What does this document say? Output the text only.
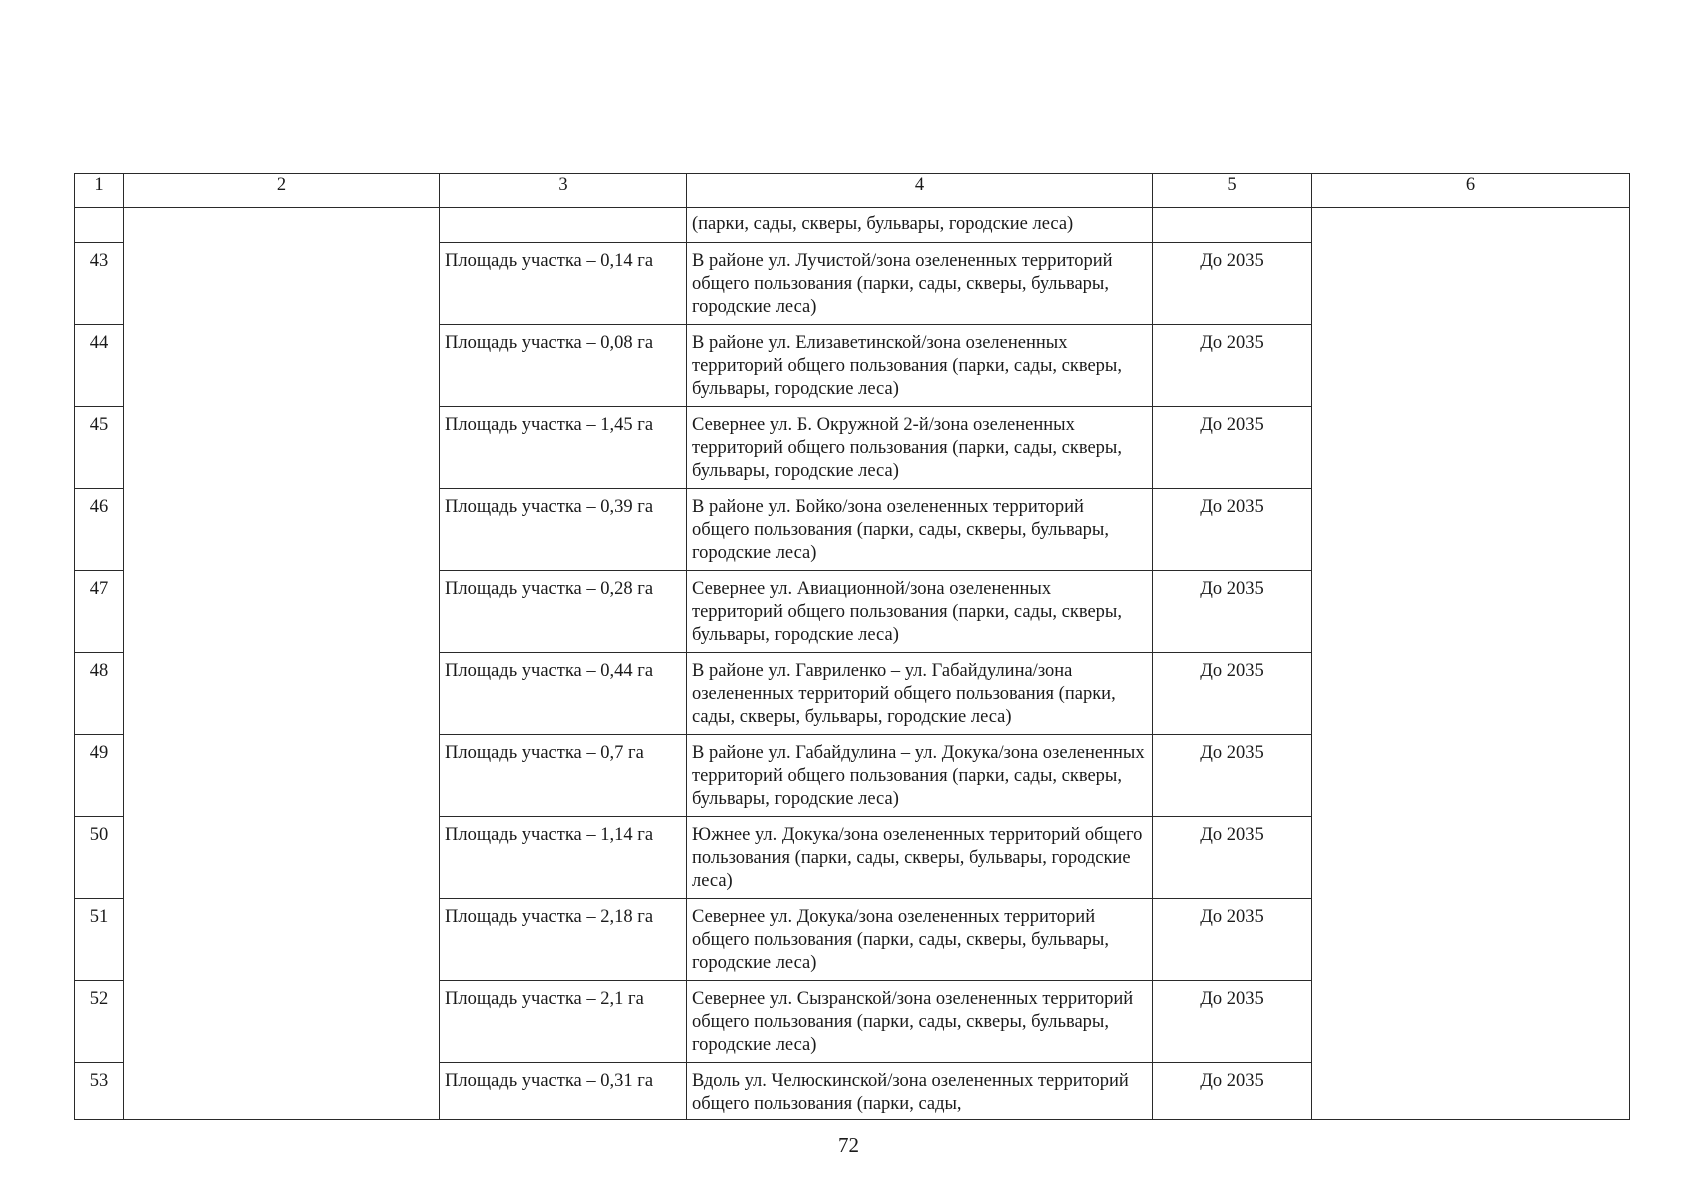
1	2	3	4	5	6

			(парки, сады, скверы, бульвары, городские леса)		

43		Площадь участка – 0,14 га	В районе ул. Лучистой/зона озелененных территорий общего пользования (парки, сады, скверы, бульвары, городские леса)	До 2035	

44		Площадь участка – 0,08 га	В районе ул. Елизаветинской/зона озелененных территорий общего пользования (парки, сады, скверы, бульвары, городские леса)	До 2035	

45		Площадь участка – 1,45 га	Севернее ул. Б. Окружной 2-й/зона озелененных территорий общего пользования (парки, сады, скверы, бульвары, городские леса)	До 2035	

46		Площадь участка – 0,39 га	В районе ул. Бойко/зона озелененных территорий общего пользования (парки, сады, скверы, бульвары, городские леса)	До 2035	

47		Площадь участка – 0,28 га	Севернее ул. Авиационной/зона озелененных территорий общего пользования (парки, сады, скверы, бульвары, городские леса)	До 2035	

48		Площадь участка – 0,44 га	В районе ул. Гавриленко – ул. Габайдулина/зона озелененных территорий общего пользования (парки, сады, скверы, бульвары, городские леса)	До 2035	

49		Площадь участка – 0,7 га	В районе ул. Габайдулина – ул. Докука/зона озелененных территорий общего пользования (парки, сады, скверы, бульвары, городские леса)	До 2035	

50		Площадь участка – 1,14 га	Южнее ул. Докука/зона озелененных территорий общего пользования (парки, сады, скверы, бульвары, городские леса)	До 2035	

51		Площадь участка – 2,18 га	Севернее ул. Докука/зона озелененных территорий общего пользования (парки, сады, скверы, бульвары, городские леса)	До 2035	

52		Площадь участка – 2,1 га	Севернее ул. Сызранской/зона озелененных территорий общего пользования (парки, сады, скверы, бульвары, городские леса)	До 2035	

53		Площадь участка – 0,31 га	Вдоль ул. Челюскинской/зона озелененных территорий общего пользования (парки, сады,	До 2035	
72
